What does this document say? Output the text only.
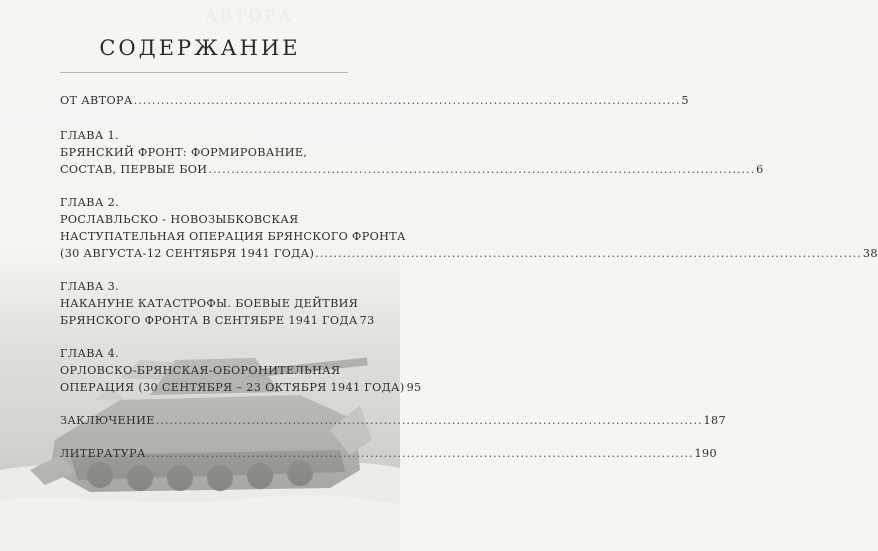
АВТОРА
СОДЕРЖАНИЕ
ОТ АВТОРА ........................................................................................................................ 5
ГЛАВА 1.
БРЯНСКИЙ ФРОНТ: ФОРМИРОВАНИЕ,
СОСТАВ, ПЕРВЫЕ БОИ ........................................................................................................................ 6
ГЛАВА 2.
РОСЛАВЛЬСКО - НОВОЗЫБКОВСКАЯ
НАСТУПАТЕЛЬНАЯ ОПЕРАЦИЯ БРЯНСКОГО ФРОНТА
(30 АВГУСТА-12 СЕНТЯБРЯ 1941 ГОДА) ........................................................................................................................ 38
ГЛАВА 3.
НАКАНУНЕ КАТАСТРОФЫ. БОЕВЫЕ ДЕЙТВИЯ
БРЯНСКОГО ФРОНТА В СЕНТЯБРЕ 1941 ГОДА 73
ГЛАВА 4.
ОРЛОВСКО-БРЯНСКАЯ-ОБОРОНИТЕЛЬНАЯ
ОПЕРАЦИЯ (30 СЕНТЯБРЯ – 23 ОКТЯБРЯ 1941 ГОДА) 95
ЗАКЛЮЧЕНИЕ ........................................................................................................................ 187
ЛИТЕРАТУРА ........................................................................................................................ 190
